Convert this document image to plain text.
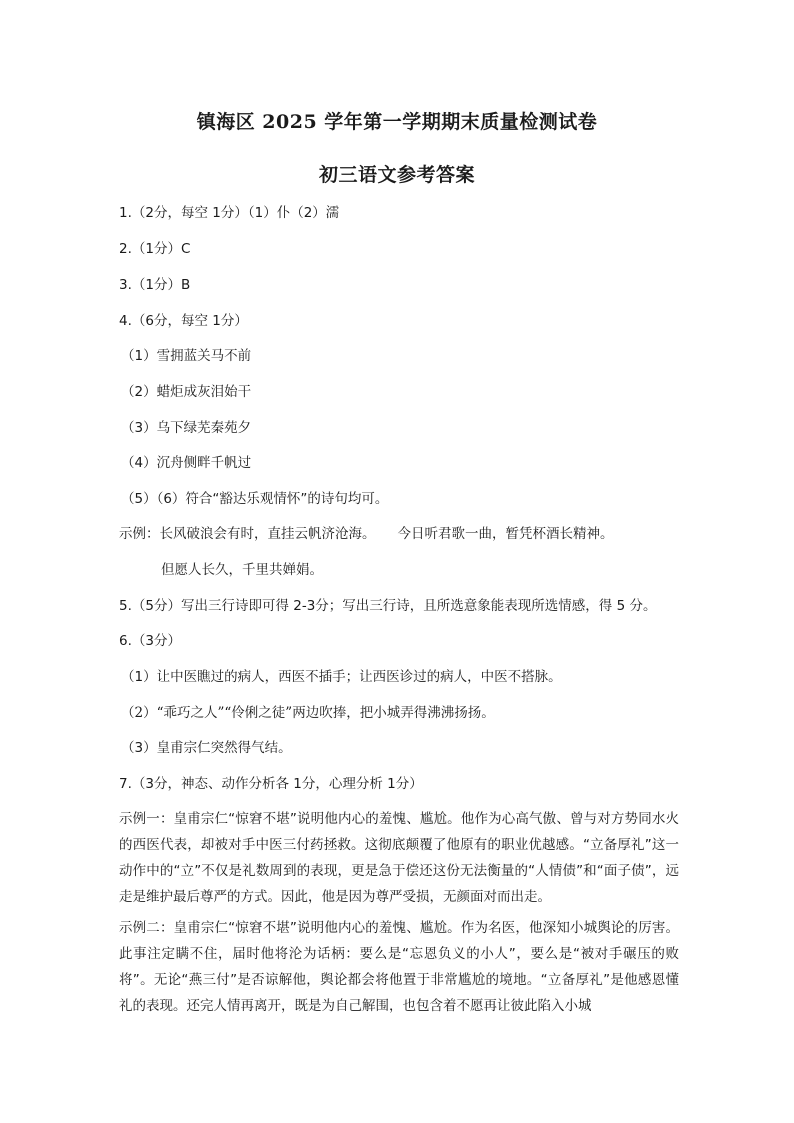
镇海区 2025 学年第一学期期末质量检测试卷
初三语文参考答案
1.（2分，每空 1分）（1）仆（2）濡
2.（1分）C
3.（1分）B
4.（6分，每空 1分）
（1）雪拥蓝关马不前
（2）蜡炬成灰泪始干
（3）乌下绿芜秦苑夕
（4）沉舟侧畔千帆过
（5）（6）符合“豁达乐观情怀”的诗句均可。
示例：长风破浪会有时，直挂云帆济沧海。 今日听君歌一曲，暂凭杯酒长精神。
但愿人长久，千里共婵娟。
5.（5分）写出三行诗即可得 2-3分；写出三行诗，且所选意象能表现所选情感，得 5 分。
6.（3分）
（1）让中医瞧过的病人，西医不插手；让西医诊过的病人，中医不搭脉。
（2）“乖巧之人”“伶俐之徒”两边吹捧，把小城弄得沸沸扬扬。
（3）皇甫宗仁突然得气结。
7.（3分，神态、动作分析各 1分，心理分析 1分）
示例一：皇甫宗仁“惊窘不堪”说明他内心的羞愧、尴尬。他作为心高气傲、曾与对方势同水火的西医代表，却被对手中医三付药拯救。这彻底颠覆了他原有的职业优越感。“立备厚礼”这一动作中的“立”不仅是礼数周到的表现，更是急于偿还这份无法衡量的“人情债”和“面子债”，远走是维护最后尊严的方式。因此，他是因为尊严受损，无颜面对而出走。
示例二：皇甫宗仁“惊窘不堪”说明他内心的羞愧、尴尬。作为名医，他深知小城舆论的厉害。此事注定瞒不住，届时他将沦为话柄：要么是“忘恩负义的小人”，要么是“被对手碾压的败将”。无论“燕三付”是否谅解他，舆论都会将他置于非常尴尬的境地。“立备厚礼”是他感恩懂礼的表现。还完人情再离开，既是为自己解围，也包含着不愿再让彼此陷入小城
